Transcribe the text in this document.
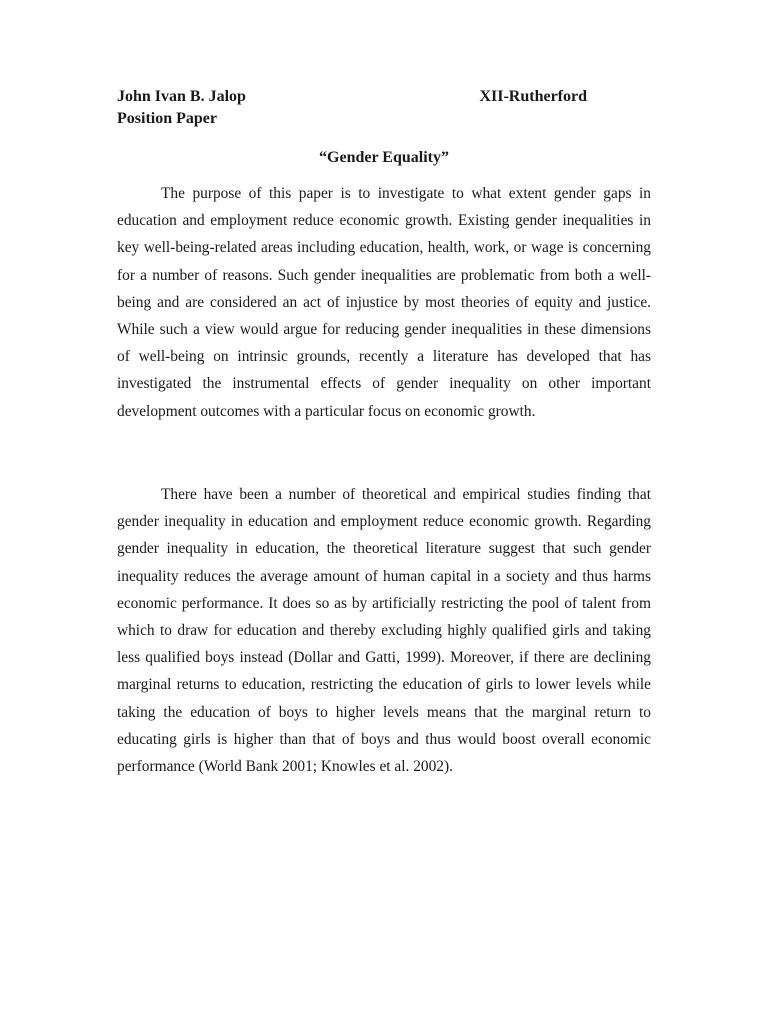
John Ivan B. Jalop	XII-Rutherford
Position Paper
“Gender Equality”

The purpose of this paper is to investigate to what extent gender gaps in education and employment reduce economic growth. Existing gender inequalities in key well-being-related areas including education, health, work, or wage is concerning for a number of reasons. Such gender inequalities are problematic from both a well-being and are considered an act of injustice by most theories of equity and justice. While such a view would argue for reducing gender inequalities in these dimensions of well-being on intrinsic grounds, recently a literature has developed that has investigated the instrumental effects of gender inequality on other important development outcomes with a particular focus on economic growth.

There have been a number of theoretical and empirical studies finding that gender inequality in education and employment reduce economic growth. Regarding gender inequality in education, the theoretical literature suggest that such gender inequality reduces the average amount of human capital in a society and thus harms economic performance. It does so as by artificially restricting the pool of talent from which to draw for education and thereby excluding highly qualified girls and taking less qualified boys instead (Dollar and Gatti, 1999). Moreover, if there are declining marginal returns to education, restricting the education of girls to lower levels while taking the education of boys to higher levels means that the marginal return to educating girls is higher than that of boys and thus would boost overall economic performance (World Bank 2001; Knowles et al. 2002).
